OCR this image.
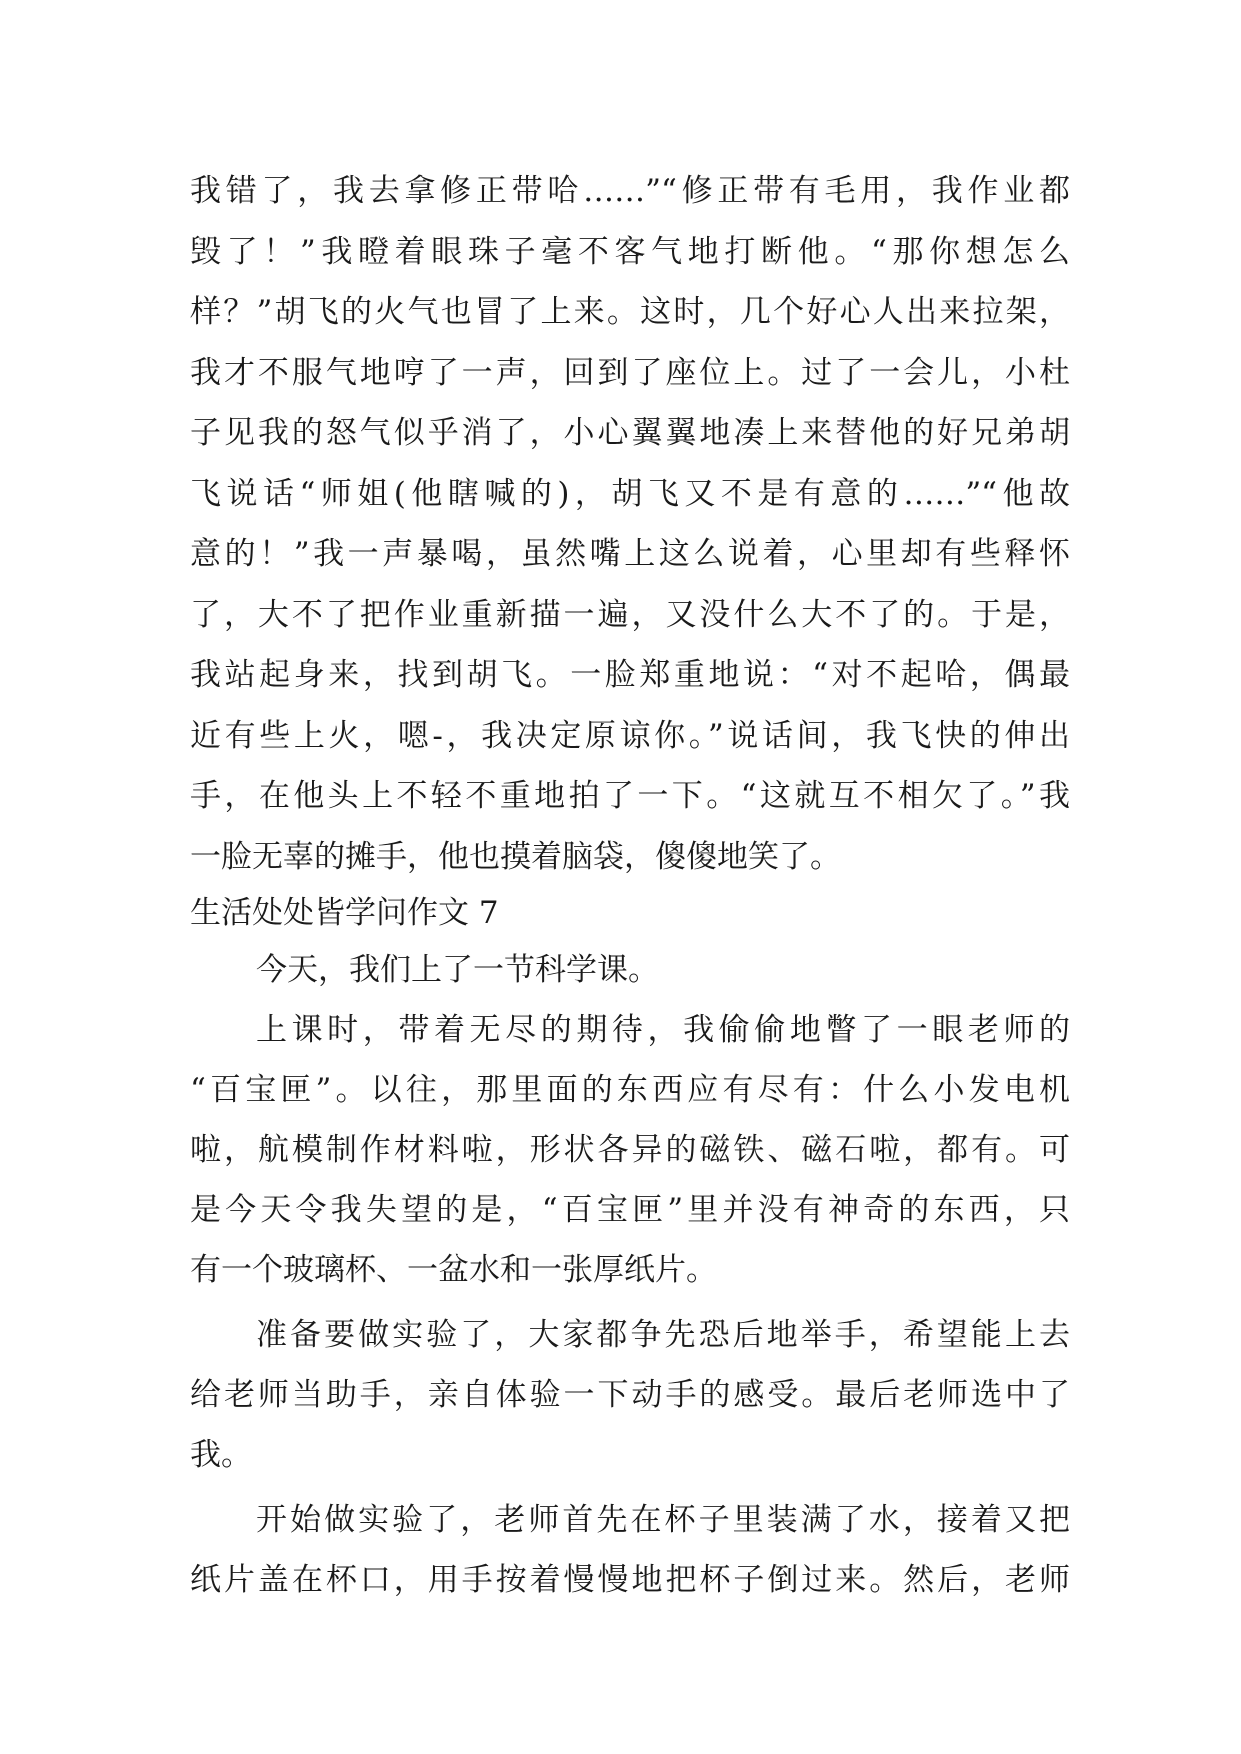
我错了，我去拿修正带哈……”“修正带有毛用，我作业都
毁了！”我瞪着眼珠子毫不客气地打断他。“那你想怎么
样？”胡飞的火气也冒了上来。这时，几个好心人出来拉架，
我才不服气地哼了一声，回到了座位上。过了一会儿，小杜
子见我的怒气似乎消了，小心翼翼地凑上来替他的好兄弟胡
飞说话“师姐(他瞎喊的)，胡飞又不是有意的……”“他故
意的！”我一声暴喝，虽然嘴上这么说着，心里却有些释怀
了，大不了把作业重新描一遍，又没什么大不了的。于是，
我站起身来，找到胡飞。一脸郑重地说：“对不起哈，偶最
近有些上火，嗯-，我决定原谅你。”说话间，我飞快的伸出
手，在他头上不轻不重地拍了一下。“这就互不相欠了。”我
一脸无辜的摊手，他也摸着脑袋，傻傻地笑了。
生活处处皆学问作文 7
今天，我们上了一节科学课。
上课时，带着无尽的期待，我偷偷地瞥了一眼老师的
“百宝匣”。以往，那里面的东西应有尽有：什么小发电机
啦，航模制作材料啦，形状各异的磁铁、磁石啦，都有。可
是今天令我失望的是，“百宝匣”里并没有神奇的东西，只
有一个玻璃杯、一盆水和一张厚纸片。
准备要做实验了，大家都争先恐后地举手，希望能上去
给老师当助手，亲自体验一下动手的感受。最后老师选中了
我。
开始做实验了，老师首先在杯子里装满了水，接着又把
纸片盖在杯口，用手按着慢慢地把杯子倒过来。然后，老师
